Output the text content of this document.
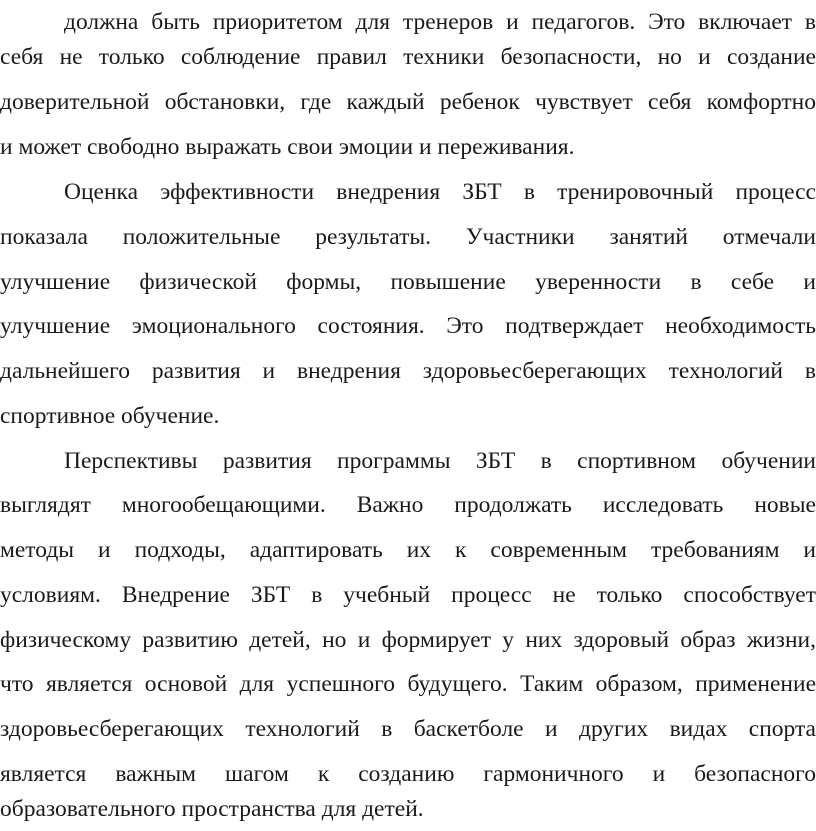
должна быть приоритетом для тренеров и педагогов. Это включает в
себя не только соблюдение правил техники безопасности, но и создание
доверительной обстановки, где каждый ребенок чувствует себя комфортно
и может свободно выражать свои эмоции и переживания.
Оценка эффективности внедрения ЗБТ в тренировочный процесс
показала положительные результаты. Участники занятий отмечали
улучшение физической формы, повышение уверенности в себе и
улучшение эмоционального состояния. Это подтверждает необходимость
дальнейшего развития и внедрения здоровьесберегающих технологий в
спортивное обучение.
Перспективы развития программы ЗБТ в спортивном обучении
выглядят многообещающими. Важно продолжать исследовать новые
методы и подходы, адаптировать их к современным требованиям и
условиям. Внедрение ЗБТ в учебный процесс не только способствует
физическому развитию детей, но и формирует у них здоровый образ жизни,
что является основой для успешного будущего. Таким образом, применение
здоровьесберегающих технологий в баскетболе и других видах спорта
является важным шагом к созданию гармоничного и безопасного
образовательного пространства для детей.
